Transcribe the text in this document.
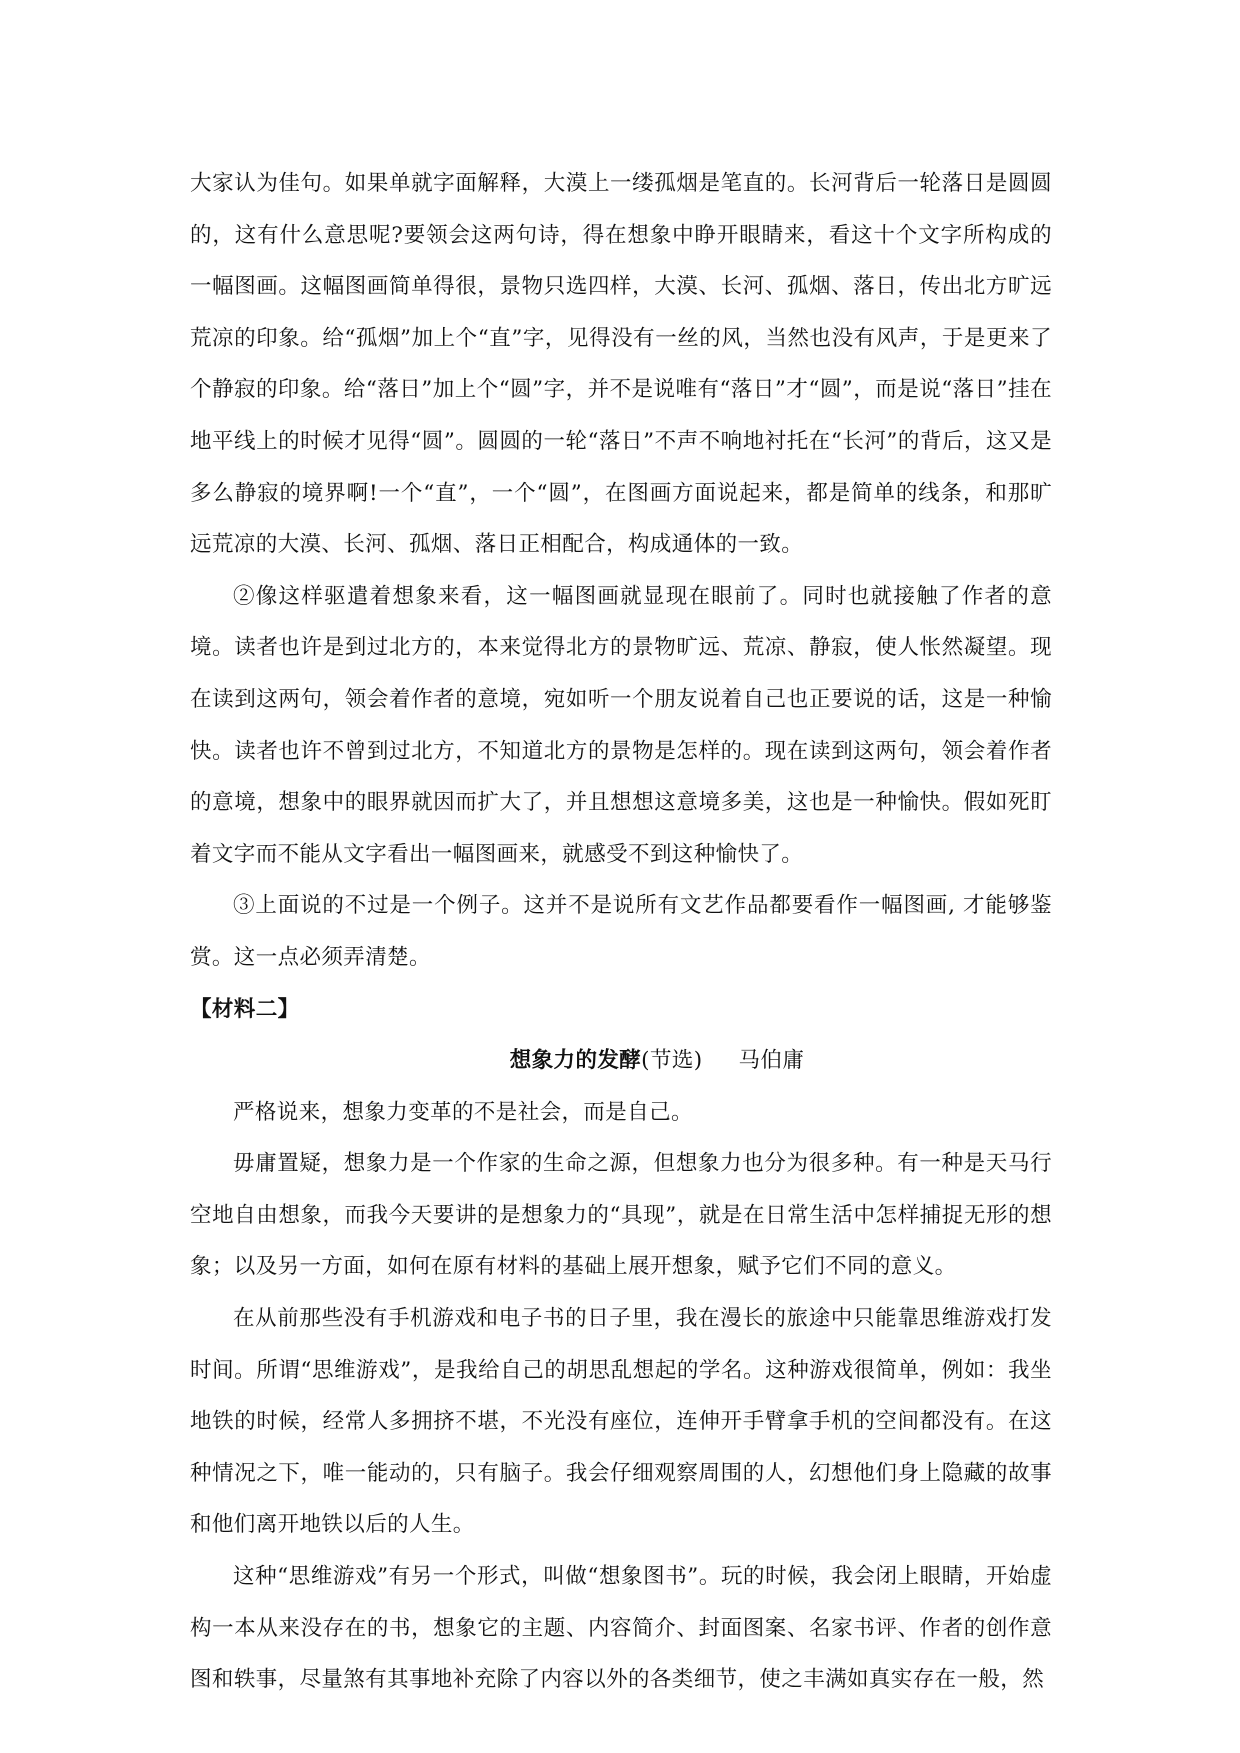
大家认为佳句。如果单就字面解释，大漠上一缕孤烟是笔直的。长河背后一轮落日是圆圆的，这有什么意思呢?要领会这两句诗，得在想象中睁开眼睛来，看这十个文字所构成的一幅图画。这幅图画简单得很，景物只选四样，大漠、长河、孤烟、落日，传出北方旷远荒凉的印象。给“孤烟”加上个“直”字，见得没有一丝的风，当然也没有风声，于是更来了个静寂的印象。给“落日”加上个“圆”字，并不是说唯有“落日”才“圆”，而是说“落日”挂在地平线上的时候才见得“圆”。圆圆的一轮“落日”不声不响地衬托在“长河”的背后，这又是多么静寂的境界啊!一个“直”，一个“圆”，在图画方面说起来，都是简单的线条，和那旷远荒凉的大漠、长河、孤烟、落日正相配合，构成通体的一致。

②像这样驱遣着想象来看，这一幅图画就显现在眼前了。同时也就接触了作者的意境。读者也许是到过北方的，本来觉得北方的景物旷远、荒凉、静寂，使人怅然凝望。现在读到这两句，领会着作者的意境，宛如听一个朋友说着自己也正要说的话，这是一种愉快。读者也许不曾到过北方，不知道北方的景物是怎样的。现在读到这两句，领会着作者的意境，想象中的眼界就因而扩大了，并且想想这意境多美，这也是一种愉快。假如死盯着文字而不能从文字看出一幅图画来，就感受不到这种愉快了。

③上面说的不过是一个例子。这并不是说所有文艺作品都要看作一幅图画, 才能够鉴赏。这一点必须弄清楚。

【材料二】

想象力的发酵(节选) 马伯庸

严格说来，想象力变革的不是社会，而是自己。

毋庸置疑，想象力是一个作家的生命之源，但想象力也分为很多种。有一种是天马行空地自由想象，而我今天要讲的是想象力的“具现”，就是在日常生活中怎样捕捉无形的想象；以及另一方面，如何在原有材料的基础上展开想象，赋予它们不同的意义。

在从前那些没有手机游戏和电子书的日子里，我在漫长的旅途中只能靠思维游戏打发时间。所谓“思维游戏”，是我给自己的胡思乱想起的学名。这种游戏很简单，例如：我坐地铁的时候，经常人多拥挤不堪，不光没有座位，连伸开手臂拿手机的空间都没有。在这种情况之下，唯一能动的，只有脑子。我会仔细观察周围的人，幻想他们身上隐藏的故事和他们离开地铁以后的人生。

这种“思维游戏”有另一个形式，叫做“想象图书”。玩的时候，我会闭上眼睛，开始虚构一本从来没存在的书，想象它的主题、内容简介、封面图案、名家书评、作者的创作意图和轶事，尽量煞有其事地补充除了内容以外的各类细节，使之丰满如真实存在一般，然
